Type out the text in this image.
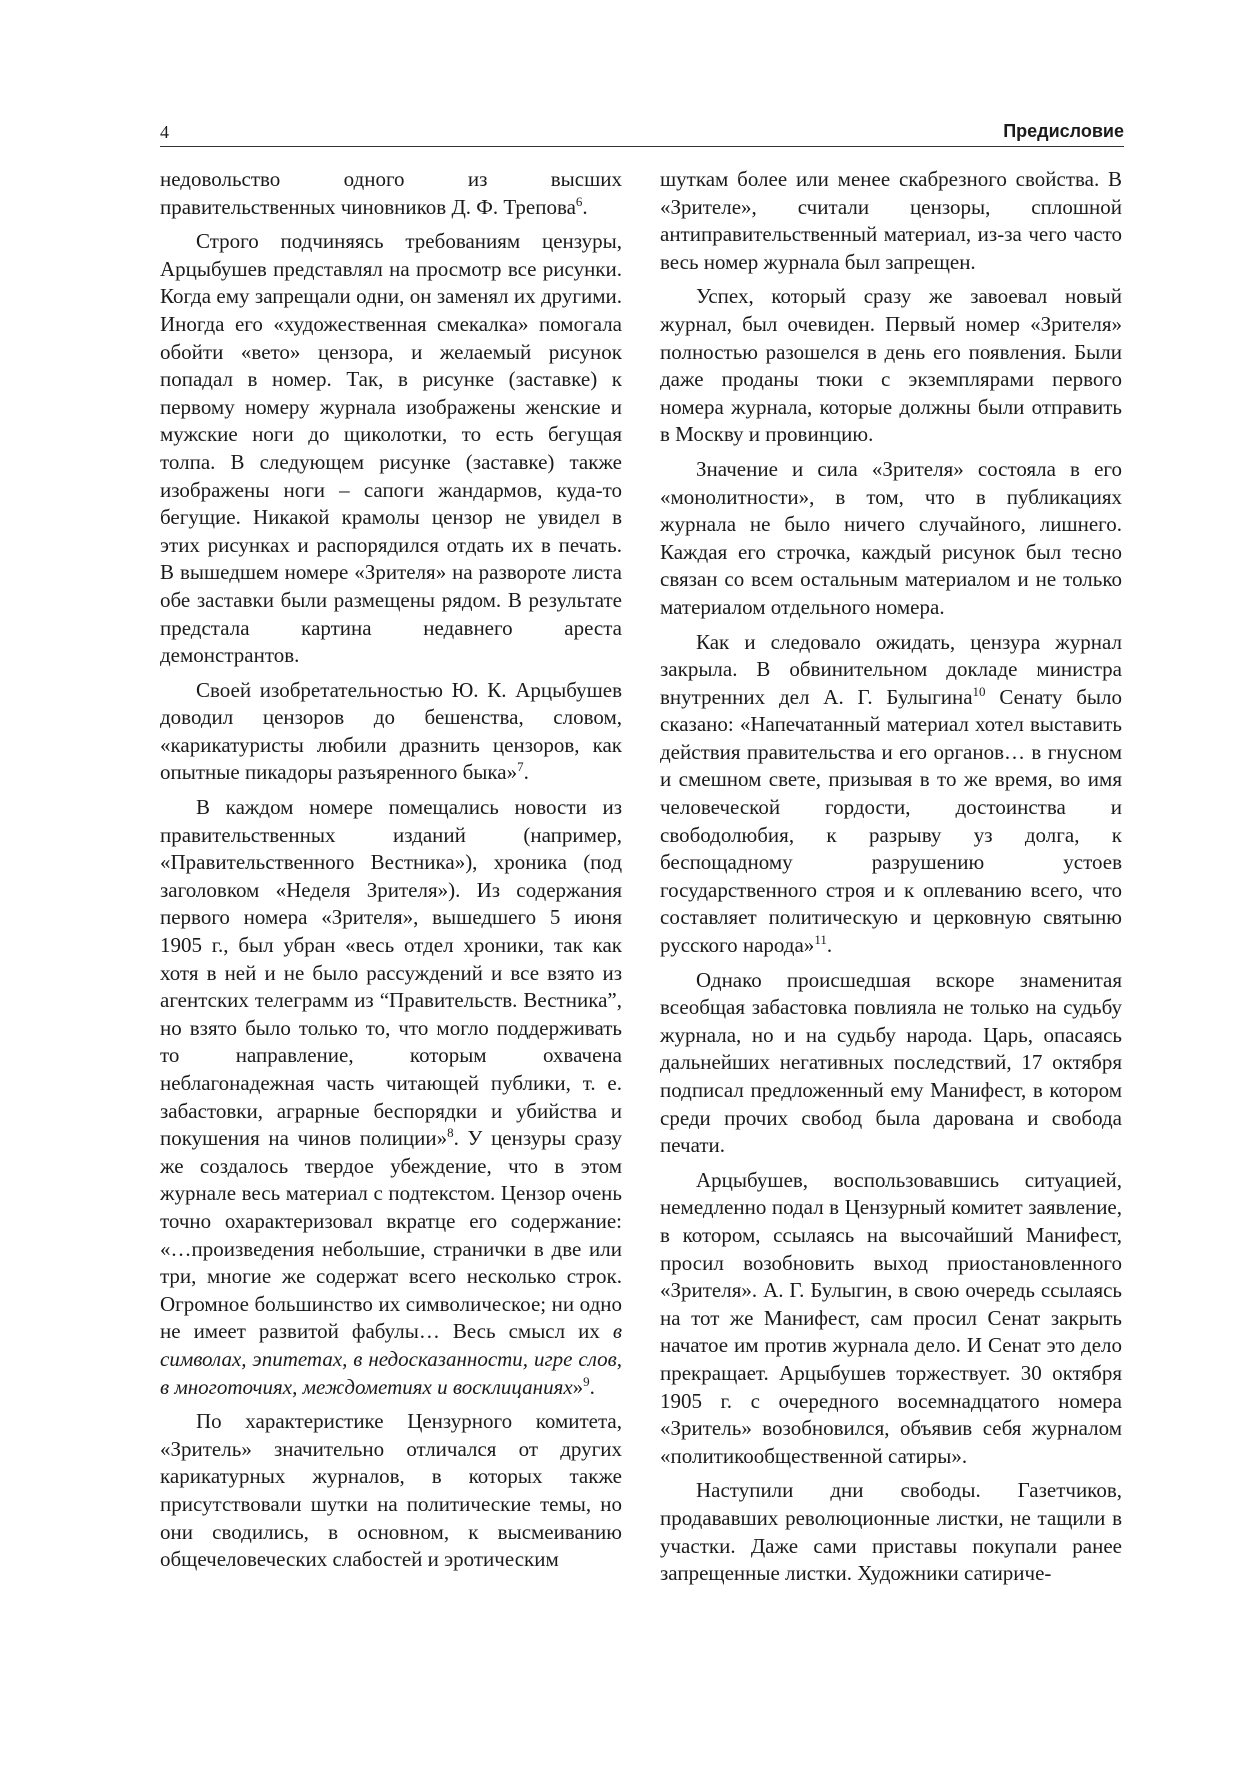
4	Предисловие

недовольство одного из высших правительственных чиновников Д. Ф. Трепова$^6$.

Строго подчиняясь требованиям цензуры, Арцыбушев представлял на просмотр все рисунки. Когда ему запрещали одни, он заменял их другими. Иногда его «художественная смекалка» помогала обойти «вето» цензора, и желаемый рисунок попадал в номер. Так, в рисунке (заставке) к первому номеру журнала изображены женские и мужские ноги до щиколотки, то есть бегущая толпа. В следующем рисунке (заставке) также изображены ноги – сапоги жандармов, куда-то бегущие. Никакой крамолы цензор не увидел в этих рисунках и распорядился отдать их в печать. В вышедшем номере «Зрителя» на развороте листа обе заставки были размещены рядом. В результате предстала картина недавнего ареста демонстрантов.

Своей изобретательностью Ю. К. Арцыбушев доводил цензоров до бешенства, словом, «карикатуристы любили дразнить цензоров, как опытные пикадоры разъяренного быка»$^7$.

В каждом номере помещались новости из правительственных изданий (например, «Правительственного Вестника»), хроника (под заголовком «Неделя Зрителя»). Из содержания первого номера «Зрителя», вышедшего 5 июня 1905 г., был убран «весь отдел хроники, так как хотя в ней и не было рассуждений и все взято из агентских телеграмм из “Правительств. Вестника”, но взято было только то, что могло поддерживать то направление, которым охвачена неблагонадежная часть читающей публики, т. е. забастовки, аграрные беспорядки и убийства и покушения на чинов полиции»$^8$. У цензуры сразу же создалось твердое убеждение, что в этом журнале весь материал с подтекстом. Цензор очень точно охарактеризовал вкратце его содержание: «…произведения небольшие, странички в две или три, многие же содержат всего несколько строк. Огромное большинство их символическое; ни одно не имеет развитой фабулы… Весь смысл их в символах, эпитетах, в недосказанности, игре слов, в многоточиях, междометиях и восклицаниях»$^9$.

По характеристике Цензурного комитета, «Зритель» значительно отличался от других карикатурных журналов, в которых также присутствовали шутки на политические темы, но они сводились, в основном, к высмеиванию общечеловеческих слабостей и эротическим

шуткам более или менее скабрезного свойства. В «Зрителе», считали цензоры, сплошной антиправительственный материал, из-за чего часто весь номер журнала был запрещен.

Успех, который сразу же завоевал новый журнал, был очевиден. Первый номер «Зрителя» полностью разошелся в день его появления. Были даже проданы тюки с экземплярами первого номера журнала, которые должны были отправить в Москву и провинцию.

Значение и сила «Зрителя» состояла в его «монолитности», в том, что в публикациях журнала не было ничего случайного, лишнего. Каждая его строчка, каждый рисунок был тесно связан со всем остальным материалом и не только материалом отдельного номера.

Как и следовало ожидать, цензура журнал закрыла. В обвинительном докладе министра внутренних дел А. Г. Булыгина$^{10}$ Сенату было сказано: «Напечатанный материал хотел выставить действия правительства и его органов… в гнусном и смешном свете, призывая в то же время, во имя человеческой гордости, достоинства и свободолюбия, к разрыву уз долга, к беспощадному разрушению устоев государственного строя и к оплеванию всего, что составляет политическую и церковную святыню русского народа»$^{11}$.

Однако происшедшая вскоре знаменитая всеобщая забастовка повлияла не только на судьбу журнала, но и на судьбу народа. Царь, опасаясь дальнейших негативных последствий, 17 октября подписал предложенный ему Манифест, в котором среди прочих свобод была дарована и свобода печати.

Арцыбушев, воспользовавшись ситуацией, немедленно подал в Цензурный комитет заявление, в котором, ссылаясь на высочайший Манифест, просил возобновить выход приостановленного «Зрителя». А. Г. Булыгин, в свою очередь ссылаясь на тот же Манифест, сам просил Сенат закрыть начатое им против журнала дело. И Сенат это дело прекращает. Арцыбушев торжествует. 30 октября 1905 г. с очередного восемнадцатого номера «Зритель» возобновился, объявив себя журналом «политикообщественной сатиры».

Наступили дни свободы. Газетчиков, продававших революционные листки, не тащили в участки. Даже сами приставы покупали ранее запрещенные листки. Художники сатириче-
